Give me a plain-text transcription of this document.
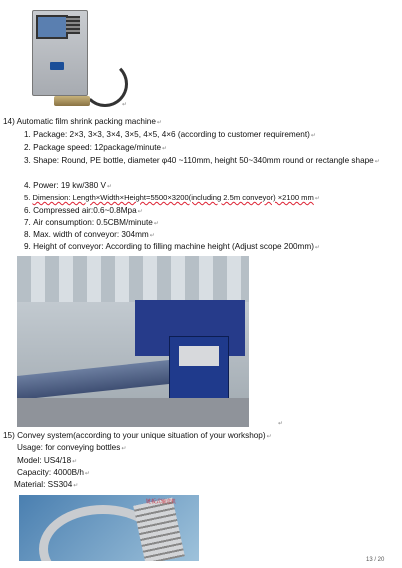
↵
14) Automatic film shrink packing machine↵
1. Package: 2×3, 3×3, 3×4, 3×5, 4×5, 4×6 (according to customer requirement)↵
2. Package speed: 12package/minute↵
3. Shape: Round, PE bottle, diameter φ40 ~110mm, height 50~340mm round or rectangle shape↵
4. Power: 19 kw/380 V↵
5. Dimension: Length×Width×Height=5500×3200(including 2.5m conveyor) ×2100 mm↵
6. Compressed air:0.6~0.8Mpa↵
7. Air consumption: 0.5CBM/minute↵
8. Max. width of conveyor: 304mm↵
9. Height of conveyor: According to filling machine height (Adjust scope 200mm)↵
↵
15) Convey system(according to your unique situation of your workshop)↵
Usage: for conveying bottles↵
Model: US4/18↵
Capacity: 4000B/h↵
Material: SS304↵
链板式输送机
13 / 20
